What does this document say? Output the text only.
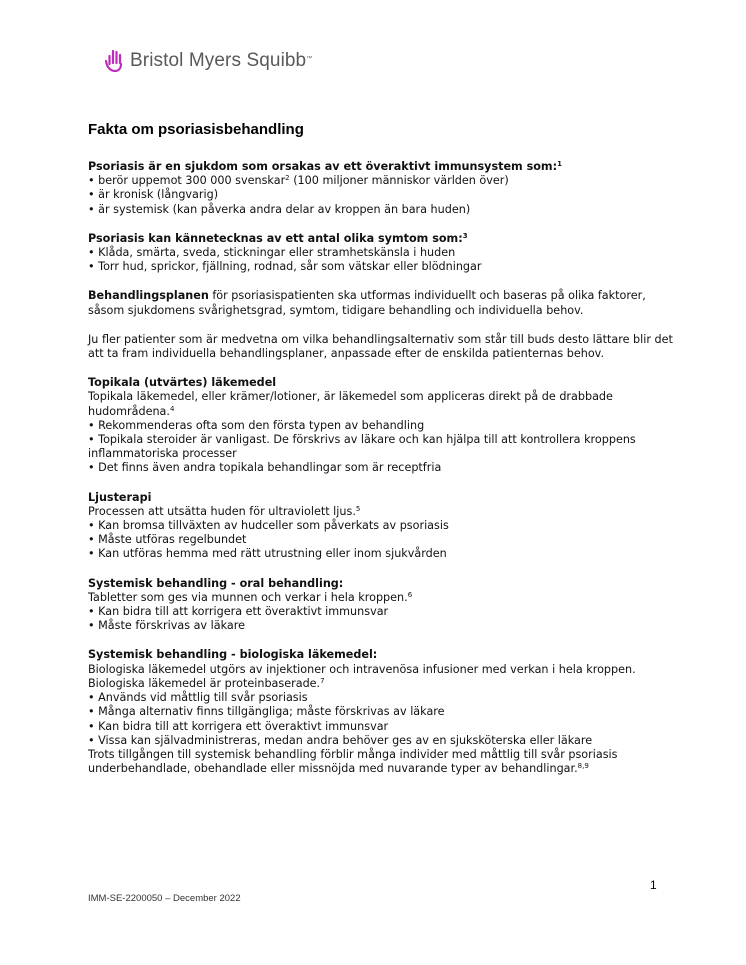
Bristol Myers Squibb ™
Fakta om psoriasisbehandling

Psoriasis är en sjukdom som orsakas av ett överaktivt immunsystem som:$^1$

• berör uppemot 300 000 svenskar$^2$ (100 miljoner människor världen över)

• är kronisk (långvarig)

• är systemisk (kan påverka andra delar av kroppen än bara huden)

Psoriasis kan kännetecknas av ett antal olika symtom som:$^3$

• Klåda, smärta, sveda, stickningar eller stramhetskänsla i huden

• Torr hud, sprickor, fjällning, rodnad, sår som vätskar eller blödningar

Behandlingsplanen för psoriasispatienten ska utformas individuellt och baseras på olika faktorer, såsom sjukdomens svårighetsgrad, symtom, tidigare behandling och individuella behov.

Ju fler patienter som är medvetna om vilka behandlingsalternativ som står till buds desto lättare blir det att ta fram individuella behandlingsplaner, anpassade efter de enskilda patienternas behov.

Topikala (utvärtes) läkemedel

Topikala läkemedel, eller krämer/lotioner, är läkemedel som appliceras direkt på de drabbade hudområdena.$^4$

• Rekommenderas ofta som den första typen av behandling

• Topikala steroider är vanligast. De förskrivs av läkare och kan hjälpa till att kontrollera kroppens inflammatoriska processer

• Det finns även andra topikala behandlingar som är receptfria

Ljusterapi

Processen att utsätta huden för ultraviolett ljus.$^5$

• Kan bromsa tillväxten av hudceller som påverkats av psoriasis

• Måste utföras regelbundet

• Kan utföras hemma med rätt utrustning eller inom sjukvården

Systemisk behandling - oral behandling:

Tabletter som ges via munnen och verkar i hela kroppen.$^6$

• Kan bidra till att korrigera ett överaktivt immunsvar

• Måste förskrivas av läkare

Systemisk behandling - biologiska läkemedel:

Biologiska läkemedel utgörs av injektioner och intravenösa infusioner med verkan i hela kroppen. Biologiska läkemedel är proteinbaserade.$^7$

• Används vid måttlig till svår psoriasis

• Många alternativ finns tillgängliga; måste förskrivas av läkare

• Kan bidra till att korrigera ett överaktivt immunsvar

• Vissa kan självadministreras, medan andra behöver ges av en sjuksköterska eller läkare

Trots tillgången till systemisk behandling förblir många individer med måttlig till svår psoriasis underbehandlade, obehandlade eller missnöjda med nuvarande typer av behandlingar.$^{8,9}$

1
IMM-SE-2200050 – December 2022
